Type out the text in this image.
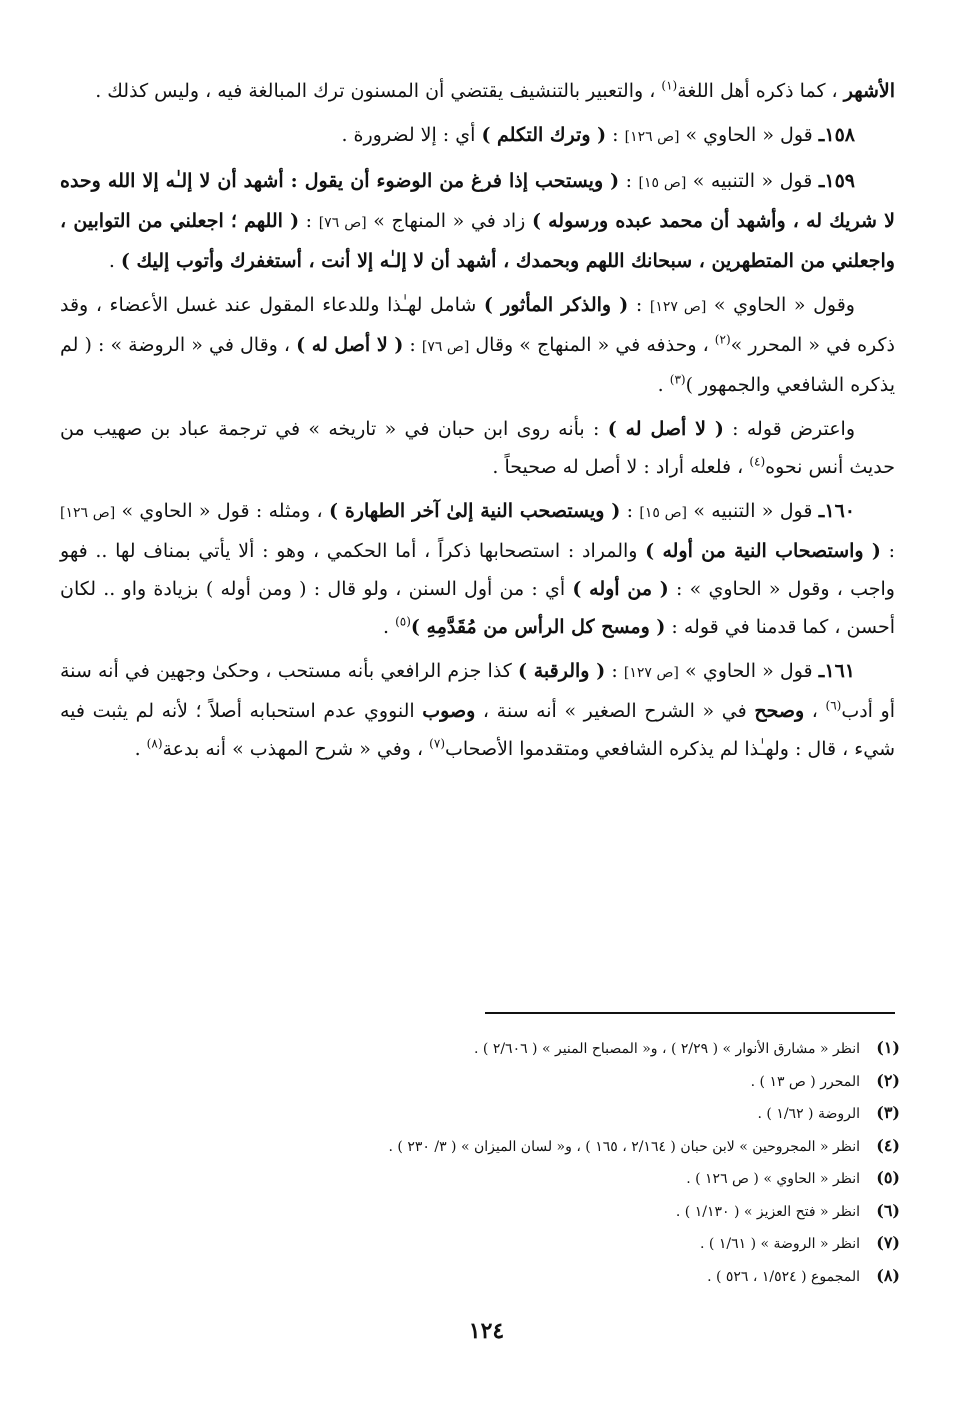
الأشهر ، كما ذكره أهل اللغة$^{(١)}$ ، والتعبير بالتنشيف يقتضي أن المسنون ترك المبالغة فيه ، وليس كذلك .

١٥٨ـ قول « الحاوي » [ص ١٢٦] : ( وترك التكلم ) أي : إلا لضرورة .

١٥٩ـ قول « التنبيه » [ص ١٥] : ( ويستحب إذا فرغ من الوضوء أن يقول : أشهد أن لا إلـٰه إلا الله وحده لا شريك له ، وأشهد أن محمد عبده ورسوله ) زاد في « المنهاج » [ص ٧٦] : ( اللهم ؛ اجعلني من التوابين ، واجعلني من المتطهرين ، سبحانك اللهم وبحمدك ، أشهد أن لا إلـٰه إلا أنت ، أستغفرك وأتوب إليك ) .

وقول « الحاوي » [ص ١٢٧] : ( والذكر المأثور ) شامل لهـٰذا وللدعاء المقول عند غسل الأعضاء ، وقد ذكره في « المحرر »$^{(٢)}$ ، وحذفه في « المنهاج » وقال [ص ٧٦] : ( لا أصل له ) ، وقال في « الروضة » : ( لم يذكره الشافعي والجمهور )$^{(٣)}$ .

واعترض قوله : ( لا أصل له ) : بأنه روى ابن حبان في « تاريخه » في ترجمة عباد بن صهيب من حديث أنس نحوه$^{(٤)}$ ، فلعله أراد : لا أصل له صحيحاً .

١٦٠ـ قول « التنبيه » [ص ١٥] : ( ويستصحب النية إلىٰ آخر الطهارة ) ، ومثله : قول « الحاوي » [ص ١٢٦] : ( واستصحاب النية من أوله ) والمراد : استصحابها ذكراً ، أما الحكمي ، وهو : ألا يأتي بمناف لها .. فهو واجب ، وقول « الحاوي » : ( من أوله ) أي : من أول السنن ، ولو قال : ( ومن أوله ) بزيادة واو .. لكان أحسن ، كما قدمنا في قوله : ( ومسح كل الرأس من مُقَدَّمِهِ )$^{(٥)}$ .

١٦١ـ قول « الحاوي » [ص ١٢٧] : ( والرقبة ) كذا جزم الرافعي بأنه مستحب ، وحكىٰ وجهين في أنه سنة أو أدب$^{(٦)}$ ، وصحح في « الشرح الصغير » أنه سنة ، وصوب النووي عدم استحبابه أصلاً ؛ لأنه لم يثبت فيه شيء ، قال : ولهـٰذا لم يذكره الشافعي ومتقدموا الأصحاب$^{(٧)}$ ، وفي « شرح المهذب » أنه بدعة$^{(٨)}$ .

(١)انظر « مشارق الأنوار » ( ٢/٢٩ ) ، و« المصباح المنير » ( ٢/٦٠٦ ) .
(٢)المحرر ( ص ١٣ ) .
(٣)الروضة ( ١/٦٢ ) .
(٤)انظر « المجروحين » لابن حبان ( ٢/١٦٤ ، ١٦٥ ) ، و« لسان الميزان » ( ٣/ ٢٣٠ ) .
(٥)انظر « الحاوي » ( ص ١٢٦ ) .
(٦)انظر « فتح العزيز » ( ١/١٣٠ ) .
(٧)انظر « الروضة » ( ١/٦١ ) .
(٨)المجموع ( ١/٥٢٤ ، ٥٢٦ ) .
١٢٤
